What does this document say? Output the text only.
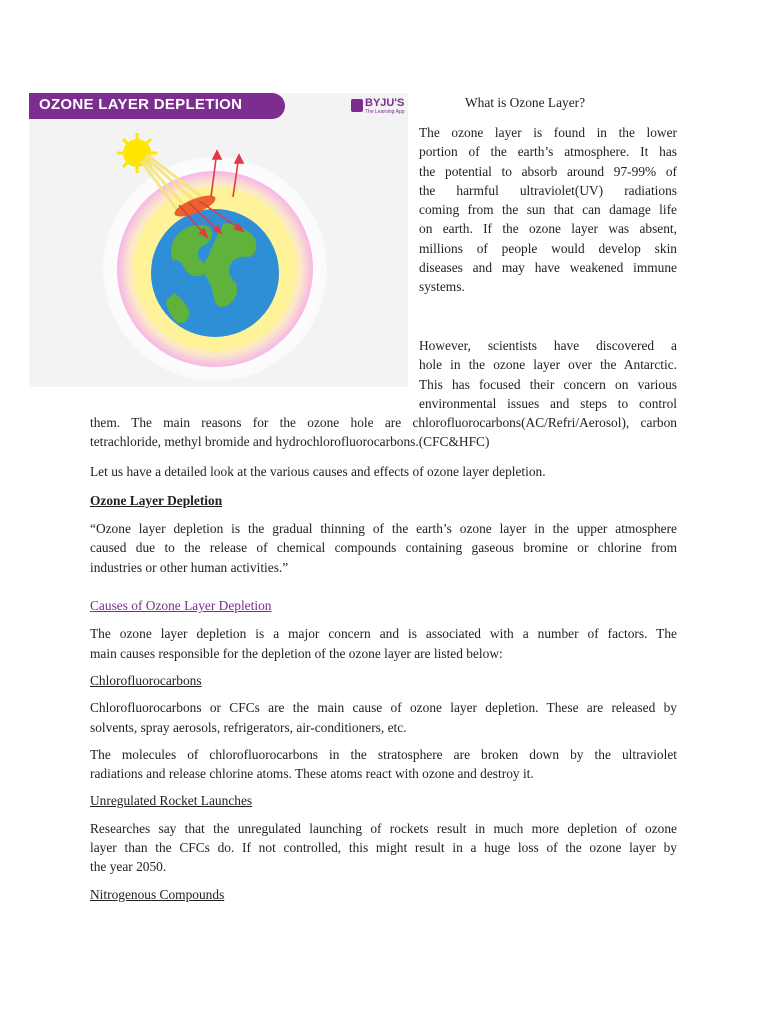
OZONE LAYER DEPLETION	BYJU'S
The Learning App
What is Ozone Layer?
The ozone layer is found in the lower
portion of the earth’s atmosphere. It has
the potential to absorb around 97-99% of
the harmful ultraviolet(UV) radiations
coming from the sun that can damage life
on earth. If the ozone layer was absent,
millions of people would develop skin
diseases and may have weakened immune
systems.
However, scientists have discovered a
hole in the ozone layer over the Antarctic.
This has focused their concern on various
environmental issues and steps to control
them. The main reasons for the ozone hole are chlorofluorocarbons(AC/Refri/Aerosol), carbon
tetrachloride, methyl bromide and hydrochlorofluorocarbons.(CFC&HFC)
Let us have a detailed look at the various causes and effects of ozone layer depletion.
Ozone Layer Depletion
“Ozone layer depletion is the gradual thinning of the earth’s ozone layer in the upper atmosphere
caused due to the release of chemical compounds containing gaseous bromine or chlorine from
industries or other human activities.”
Causes of Ozone Layer Depletion
The ozone layer depletion is a major concern and is associated with a number of factors. The
main causes responsible for the depletion of the ozone layer are listed below:
Chlorofluorocarbons
Chlorofluorocarbons or CFCs are the main cause of ozone layer depletion. These are released by
solvents, spray aerosols, refrigerators, air-conditioners, etc.
The molecules of chlorofluorocarbons in the stratosphere are broken down by the ultraviolet
radiations and release chlorine atoms. These atoms react with ozone and destroy it.
Unregulated Rocket Launches
Researches say that the unregulated launching of rockets result in much more depletion of ozone
layer than the CFCs do. If not controlled, this might result in a huge loss of the ozone layer by
the year 2050.
Nitrogenous Compounds
